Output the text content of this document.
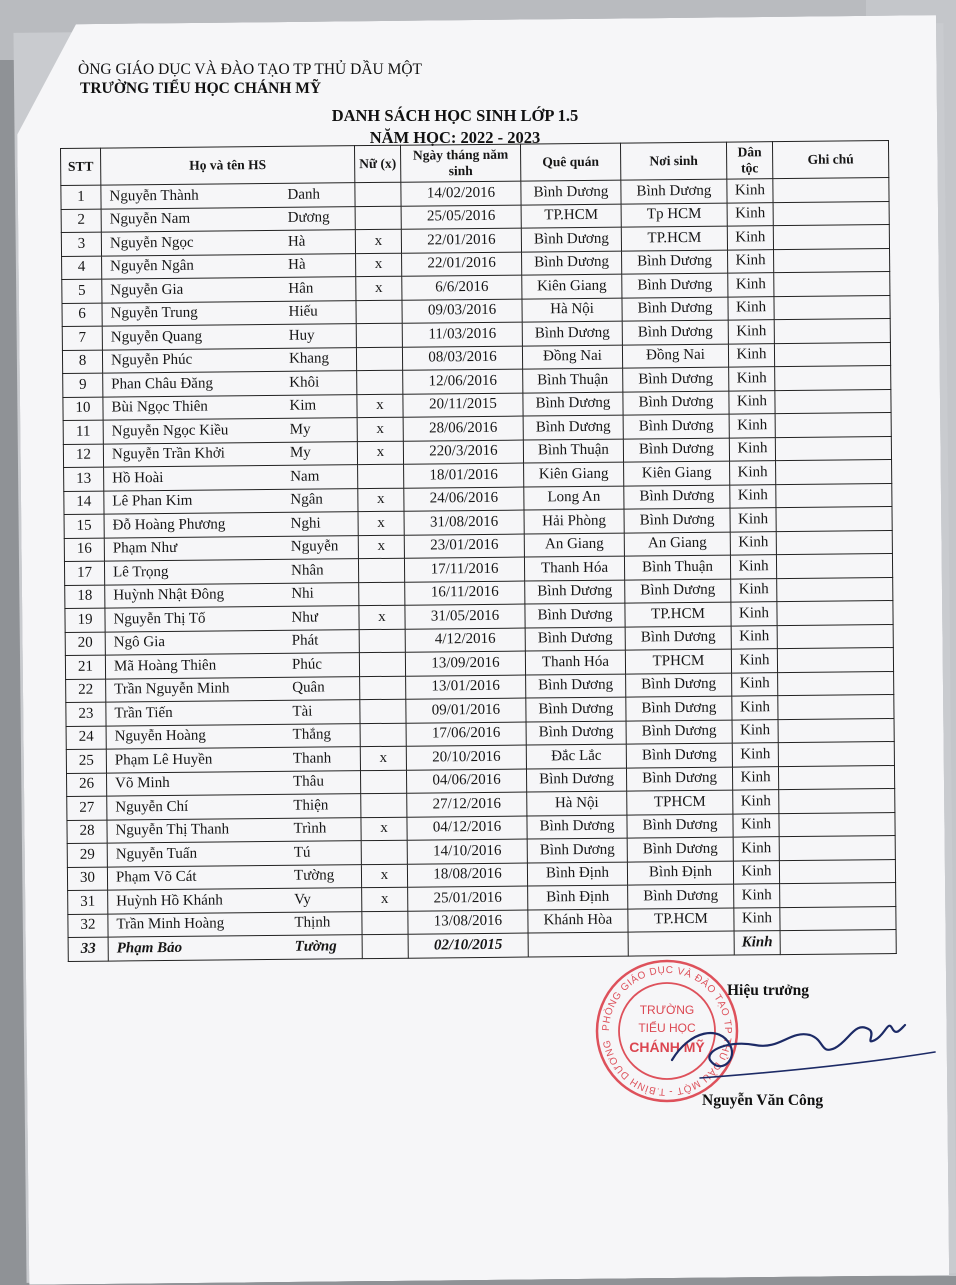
ÒNG GIÁO DỤC VÀ ĐÀO TẠO TP THỦ DẦU MỘT
TRƯỜNG TIỂU HỌC CHÁNH MỸ
DANH SÁCH HỌC SINH LỚP 1.5
NĂM HỌC: 2022 - 2023
STT	Họ và tên HS	Nữ (x)	Ngày tháng năm sinh	Quê quán	Nơi sinh	Dân tộc	Ghi chú
1	Nguyễn Thành Danh		14/02/2016	Bình Dương	Bình Dương	Kinh	
2	Nguyễn Nam Dương		25/05/2016	TP.HCM	Tp HCM	Kinh	
3	Nguyễn Ngọc Hà	x	22/01/2016	Bình Dương	TP.HCM	Kinh	
4	Nguyễn Ngân Hà	x	22/01/2016	Bình Dương	Bình Dương	Kinh	
5	Nguyễn Gia Hân	x	6/6/2016	Kiên Giang	Bình Dương	Kinh	
6	Nguyễn Trung Hiếu		09/03/2016	Hà Nội	Bình Dương	Kinh	
7	Nguyễn Quang Huy		11/03/2016	Bình Dương	Bình Dương	Kinh	
8	Nguyễn Phúc Khang		08/03/2016	Đồng Nai	Đồng Nai	Kinh	
9	Phan Châu Đăng Khôi		12/06/2016	Bình Thuận	Bình Dương	Kinh	
10	Bùi Ngọc Thiên Kim	x	20/11/2015	Bình Dương	Bình Dương	Kinh	
11	Nguyễn Ngọc Kiều My	x	28/06/2016	Bình Dương	Bình Dương	Kinh	
12	Nguyễn Trần Khởi My	x	220/3/2016	Bình Thuận	Bình Dương	Kinh	
13	Hồ Hoài Nam		18/01/2016	Kiên Giang	Kiên Giang	Kinh	
14	Lê Phan Kim Ngân	x	24/06/2016	Long An	Bình Dương	Kinh	
15	Đỗ Hoàng Phương Nghi	x	31/08/2016	Hải Phòng	Bình Dương	Kinh	
16	Phạm Như Nguyễn	x	23/01/2016	An Giang	An Giang	Kinh	
17	Lê Trọng Nhân		17/11/2016	Thanh Hóa	Bình Thuận	Kinh	
18	Huỳnh Nhật Đông Nhi		16/11/2016	Bình Dương	Bình Dương	Kinh	
19	Nguyễn Thị Tố Như	x	31/05/2016	Bình Dương	TP.HCM	Kinh	
20	Ngô Gia Phát		4/12/2016	Bình Dương	Bình Dương	Kinh	
21	Mã Hoàng Thiên Phúc		13/09/2016	Thanh Hóa	TPHCM	Kinh	
22	Trần Nguyễn Minh Quân		13/01/2016	Bình Dương	Bình Dương	Kinh	
23	Trần Tiến Tài		09/01/2016	Bình Dương	Bình Dương	Kinh	
24	Nguyễn Hoàng Thắng		17/06/2016	Bình Dương	Bình Dương	Kinh	
25	Phạm Lê Huyền Thanh	x	20/10/2016	Đắc Lắc	Bình Dương	Kinh	
26	Võ Minh Thâu		04/06/2016	Bình Dương	Bình Dương	Kinh	
27	Nguyễn Chí Thiện		27/12/2016	Hà Nội	TPHCM	Kinh	
28	Nguyễn Thị Thanh Trình	x	04/12/2016	Bình Dương	Bình Dương	Kinh	
29	Nguyễn Tuấn Tú		14/10/2016	Bình Dương	Bình Dương	Kinh	
30	Phạm Võ Cát Tường	x	18/08/2016	Bình Định	Bình Định	Kinh	
31	Huỳnh Hồ Khánh Vy	x	25/01/2016	Bình Định	Bình Dương	Kinh	
32	Trần Minh Hoàng Thịnh		13/08/2016	Khánh Hòa	TP.HCM	Kinh	
33	Phạm Bảo Tường		02/10/2015			Kinh	
Hiệu trưởng
PHÒNG GIÁO DỤC VÀ ĐÀO TẠO TP THỦ DẦU MỘT - T.BÌNH DƯƠNG
TRƯỜNG
TIỂU HỌC
CHÁNH MỸ
Nguyễn Văn Công
